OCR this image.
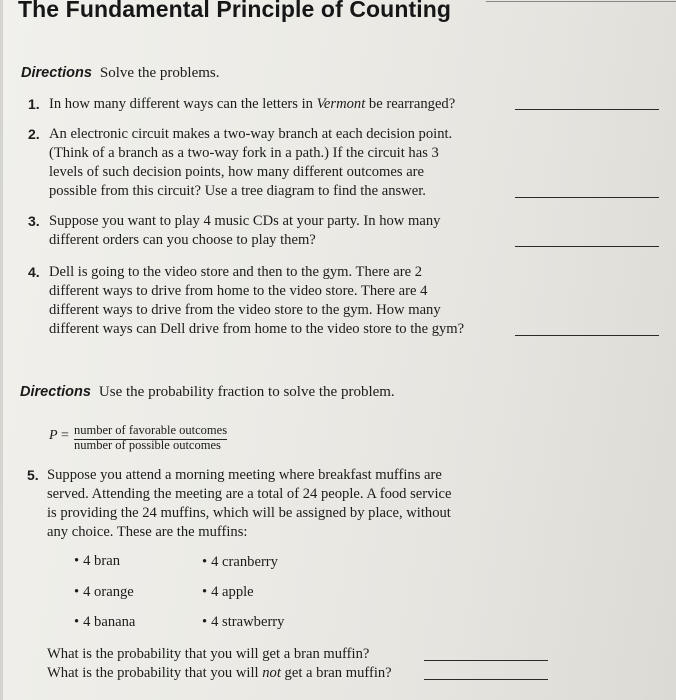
The Fundamental Principle of Counting
Directions Solve the problems.
1. In how many different ways can the letters in Vermont be rearranged?
2. An electronic circuit makes a two-way branch at each decision point.
(Think of a branch as a two-way fork in a path.) If the circuit has 3
levels of such decision points, how many different outcomes are
possible from this circuit? Use a tree diagram to find the answer.
3. Suppose you want to play 4 music CDs at your party. In how many
different orders can you choose to play them?
4. Dell is going to the video store and then to the gym. There are 2
different ways to drive from home to the video store. There are 4
different ways to drive from the video store to the gym. How many
different ways can Dell drive from home to the video store to the gym?
Directions Use the probability fraction to solve the problem.
P = number of favorable outcomes
number of possible outcomes
5. Suppose you attend a morning meeting where breakfast muffins are
served. Attending the meeting are a total of 24 people. A food service
is providing the 24 muffins, which will be assigned by place, without
any choice. These are the muffins:
• 4 bran	• 4 cranberry
• 4 orange	• 4 apple
• 4 banana	• 4 strawberry
What is the probability that you will get a bran muffin?
What is the probability that you will not get a bran muffin?
